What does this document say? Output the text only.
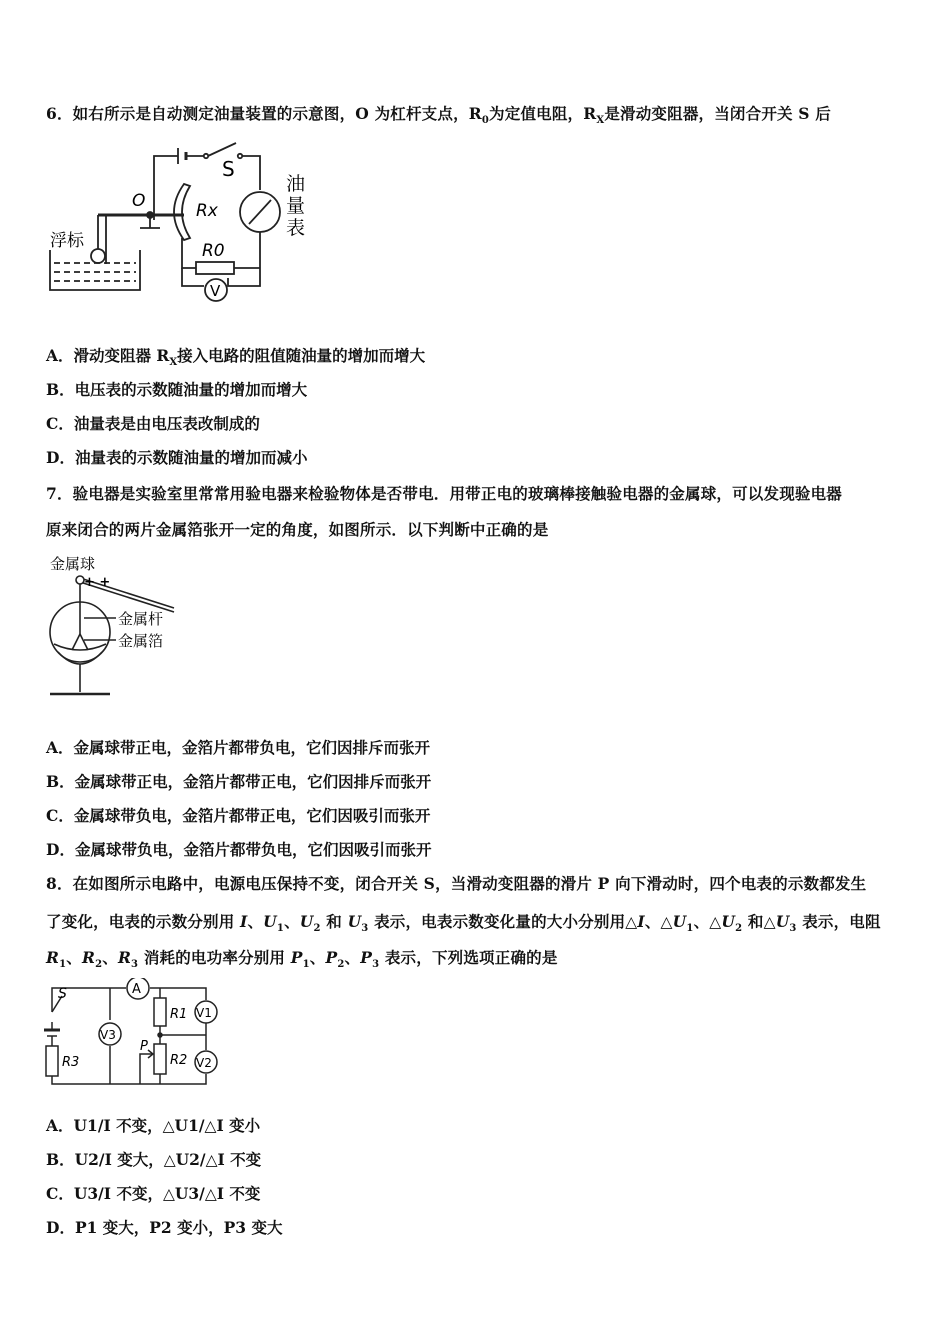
6．如右所示是自动测定油量装置的示意图，O 为杠杆支点，$R_0$为定值电阻，$R_X$是滑动变阻器，当闭合开关 S 后
S
O	Rx
R0
V
浮标
油
量
表
A．滑动变阻器 $R_X$接入电路的阻值随油量的增加而增大
B．电压表的示数随油量的增加而增大
C．油量表是由电压表改制成的
D．油量表的示数随油量的增加而减小
7．验电器是实验室里常常用验电器来检验物体是否带电．用带正电的玻璃棒接触验电器的金属球，可以发现验电器
原来闭合的两片金属箔张开一定的角度，如图所示．以下判断中正确的是
金属球
+ +
金属杆
金属箔
A．金属球带正电，金箔片都带负电，它们因排斥而张开
B．金属球带正电，金箔片都带正电，它们因排斥而张开
C．金属球带负电，金箔片都带正电，它们因吸引而张开
D．金属球带负电，金箔片都带负电，它们因吸引而张开
8．在如图所示电路中，电源电压保持不变，闭合开关 S，当滑动变阻器的滑片 P 向下滑动时，四个电表的示数都发生
了变化，电表的示数分别用 I、$U_1$、$U_2$ 和 $U_3$ 表示，电表示数变化量的大小分别用△I、$\triangle U_1$、$\triangle U_2$ 和$\triangle U_3$ 表示，电阻
$R_1$、$R_2$、$R_3$ 消耗的电功率分别用 $P_1$、$P_2$、$P_3$ 表示，下列选项正确的是
S	A
R1
R2
R3
P
V1
V2
V3
A．U1/I 不变，△U1/△I 变小
B．U2/I 变大，△U2/△I 不变
C．U3/I 不变，△U3/△I 不变
D．P1 变大，P2 变小，P3 变大
